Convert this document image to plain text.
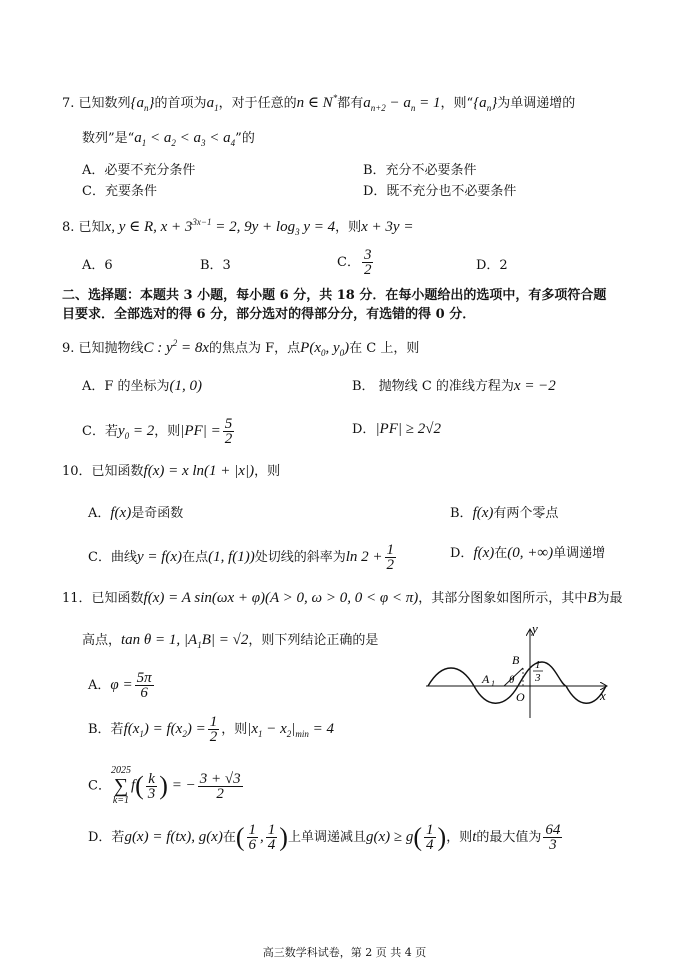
7. 已知数列$\{a_n\}$的首项为$a_1$，对于任意的n ∈ N*都有$a_{n+2} - a_n = 1$，则“$\{a_n\}$为单调递增的
数列”是“$a_1 < a_2 < a_3 < a_4$”的
A．必要不充分条件	B．充分不必要条件
C．充要条件	D．既不充分也不必要条件
8. 已知x, y ∈ R, $x + 3^{3x-1} = 2$, $9y + \log_3 y = 4$，则x + 3y =
A．6	B．3	C． $\frac{3}{2}$	D．2
二、选择题：本题共 3 小题，每小题 6 分，共 18 分．在每小题给出的选项中，有多项符合题
目要求．全部选对的得 6 分，部分选对的得部分分，有选错的得 0 分．
9. 已知抛物线C : $y^2 = 8x$的焦点为 F，点$P(x_0$, $y_0$)在 C 上，则
A．F 的坐标为(1, 0)	B． 抛物线 C 的准线方程为x = −2
C．若$y_0 = 2$，则$|PF| = \frac{5}{2}$	D．|PF| ≥ 2√2
10．已知函数f(x) = x ln(1 + |x|)，则
A．f(x)是奇函数	B．f(x)有两个零点
C．曲线y = f(x)在点(1, f(1))处切线的斜率为$\ln 2 + \frac{1}{2}$	D．f(x)在(0, +∞)单调递增
11．已知函数f(x) = A sin(ωx + φ)(A > 0, ω > 0, 0 < φ < π)，其部分图象如图所示，其中B为最
高点，tan θ = 1, $|A_1B| = √2$，则下列结论正确的是
A．$\varphi = \frac{5\pi}{6}$
B．若$f(x_1) = f(x_2) = \frac{1}{2}$ ，则$|x_1 - x_2|_{min} = 4$
C．
2025
∑
k=1
$f( \frac{k}{3}$ ) = − $\frac{3 + √3}{2}$
D．若g(x) = f(tx), g(x)在( $\frac{1}{6}$ , $\frac{1}{4}$ )上单调递减且$g(x) \ge g( \frac{1}{4}$ )，则t的最大值为 $\frac{64}{3}$
y
x
B
A 1 θ
O
1
3
高三数学科试卷，第 2 页 共 4 页
